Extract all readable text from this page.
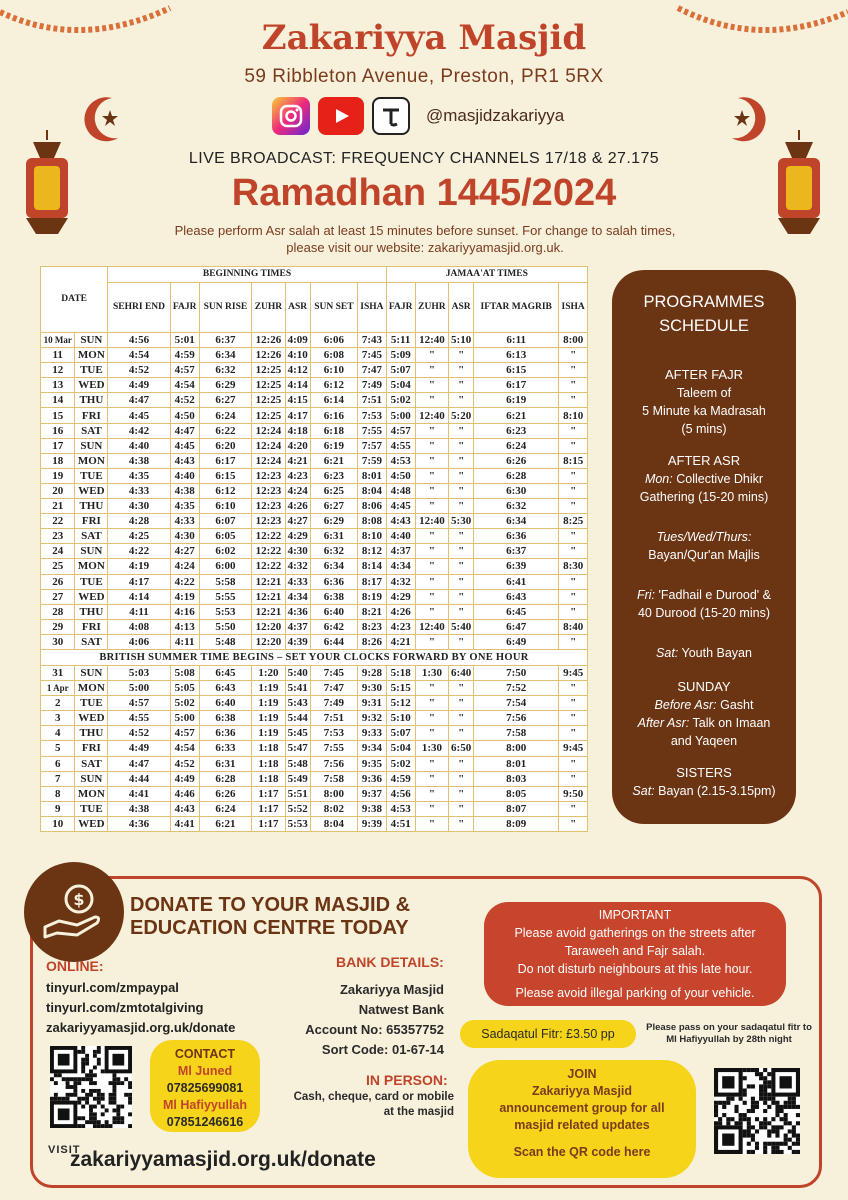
Zakariyya Masjid
59 Ribbleton Avenue, Preston, PR1 5RX
@masjidzakariyya
LIVE BROADCAST: FREQUENCY CHANNELS 17/18 & 27.175
Ramadhan 1445/2024
Please perform Asr salah at least 15 minutes before sunset. For change to salah times,
please visit our website: zakariyyamasjid.org.uk.
DATE		BEGINNING TIMES							JAMAA'AT TIMES				
		SEHRI END	FAJR	SUN RISE	ZUHR	ASR	SUN SET	ISHA	FAJR	ZUHR	ASR	IFTAR MAGRIB	ISHA
10 Mar	SUN	4:56	5:01	6:37	12:26	4:09	6:06	7:43	5:11	12:40	5:10	6:11	8:00
11	MON	4:54	4:59	6:34	12:26	4:10	6:08	7:45	5:09	"	"	6:13	"
12	TUE	4:52	4:57	6:32	12:25	4:12	6:10	7:47	5:07	"	"	6:15	"
13	WED	4:49	4:54	6:29	12:25	4:14	6:12	7:49	5:04	"	"	6:17	"
14	THU	4:47	4:52	6:27	12:25	4:15	6:14	7:51	5:02	"	"	6:19	"
15	FRI	4:45	4:50	6:24	12:25	4:17	6:16	7:53	5:00	12:40	5:20	6:21	8:10
16	SAT	4:42	4:47	6:22	12:24	4:18	6:18	7:55	4:57	"	"	6:23	"
17	SUN	4:40	4:45	6:20	12:24	4:20	6:19	7:57	4:55	"	"	6:24	"
18	MON	4:38	4:43	6:17	12:24	4:21	6:21	7:59	4:53	"	"	6:26	8:15
19	TUE	4:35	4:40	6:15	12:23	4:23	6:23	8:01	4:50	"	"	6:28	"
20	WED	4:33	4:38	6:12	12:23	4:24	6:25	8:04	4:48	"	"	6:30	"
21	THU	4:30	4:35	6:10	12:23	4:26	6:27	8:06	4:45	"	"	6:32	"
22	FRI	4:28	4:33	6:07	12:23	4:27	6:29	8:08	4:43	12:40	5:30	6:34	8:25
23	SAT	4:25	4:30	6:05	12:22	4:29	6:31	8:10	4:40	"	"	6:36	"
24	SUN	4:22	4:27	6:02	12:22	4:30	6:32	8:12	4:37	"	"	6:37	"
25	MON	4:19	4:24	6:00	12:22	4:32	6:34	8:14	4:34	"	"	6:39	8:30
26	TUE	4:17	4:22	5:58	12:21	4:33	6:36	8:17	4:32	"	"	6:41	"
27	WED	4:14	4:19	5:55	12:21	4:34	6:38	8:19	4:29	"	"	6:43	"
28	THU	4:11	4:16	5:53	12:21	4:36	6:40	8:21	4:26	"	"	6:45	"
29	FRI	4:08	4:13	5:50	12:20	4:37	6:42	8:23	4:23	12:40	5:40	6:47	8:40
30	SAT	4:06	4:11	5:48	12:20	4:39	6:44	8:26	4:21	"	"	6:49	"
BRITISH SUMMER TIME BEGINS – SET YOUR CLOCKS FORWARD BY ONE HOUR													
31	SUN	5:03	5:08	6:45	1:20	5:40	7:45	9:28	5:18	1:30	6:40	7:50	9:45
1 Apr	MON	5:00	5:05	6:43	1:19	5:41	7:47	9:30	5:15	"	"	7:52	"
2	TUE	4:57	5:02	6:40	1:19	5:43	7:49	9:31	5:12	"	"	7:54	"
3	WED	4:55	5:00	6:38	1:19	5:44	7:51	9:32	5:10	"	"	7:56	"
4	THU	4:52	4:57	6:36	1:19	5:45	7:53	9:33	5:07	"	"	7:58	"
5	FRI	4:49	4:54	6:33	1:18	5:47	7:55	9:34	5:04	1:30	6:50	8:00	9:45
6	SAT	4:47	4:52	6:31	1:18	5:48	7:56	9:35	5:02	"	"	8:01	"
7	SUN	4:44	4:49	6:28	1:18	5:49	7:58	9:36	4:59	"	"	8:03	"
8	MON	4:41	4:46	6:26	1:17	5:51	8:00	9:37	4:56	"	"	8:05	9:50
9	TUE	4:38	4:43	6:24	1:17	5:52	8:02	9:38	4:53	"	"	8:07	"
10	WED	4:36	4:41	6:21	1:17	5:53	8:04	9:39	4:51	"	"	8:09	"
PROGRAMMES
SCHEDULE
AFTER FAJR
Taleem of
5 Minute ka Madrasah
(5 mins)
AFTER ASR
Mon: Collective Dhikr
Gathering (15-20 mins)
Tues/Wed/Thurs:
Bayan/Qur'an Majlis
Fri: 'Fadhail e Durood' &
40 Durood (15-20 mins)
Sat: Youth Bayan
SUNDAY
Before Asr: Gasht
After Asr: Talk on Imaan
and Yaqeen
SISTERS
Sat: Bayan (2.15-3.15pm)
$ DONATE TO YOUR MASJID &
EDUCATION CENTRE TODAY
ONLINE:
tinyurl.com/zmpaypal
tinyurl.com/zmtotalgiving
zakariyyamasjid.org.uk/donate
BANK DETAILS:
Zakariyya Masjid
Natwest Bank
Account No: 65357752
Sort Code: 01-67-14
IN PERSON:
Cash, cheque, card or mobile
at the masjid
CONTACT
Ml Juned
07825699081
Ml Hafiyyullah
07851246616
VISIT
zakariyyamasjid.org.uk/donate
IMPORTANT
Please avoid gatherings on the streets after
Taraweeh and Fajr salah.
Do not disturb neighbours at this late hour.
Please avoid illegal parking of your vehicle.
Sadaqatul Fitr: £3.50 pp	Please pass on your sadaqatul fitr to
Ml Hafiyyullah by 28th night
JOIN
Zakariyya Masjid
announcement group for all
masjid related updates
Scan the QR code here
